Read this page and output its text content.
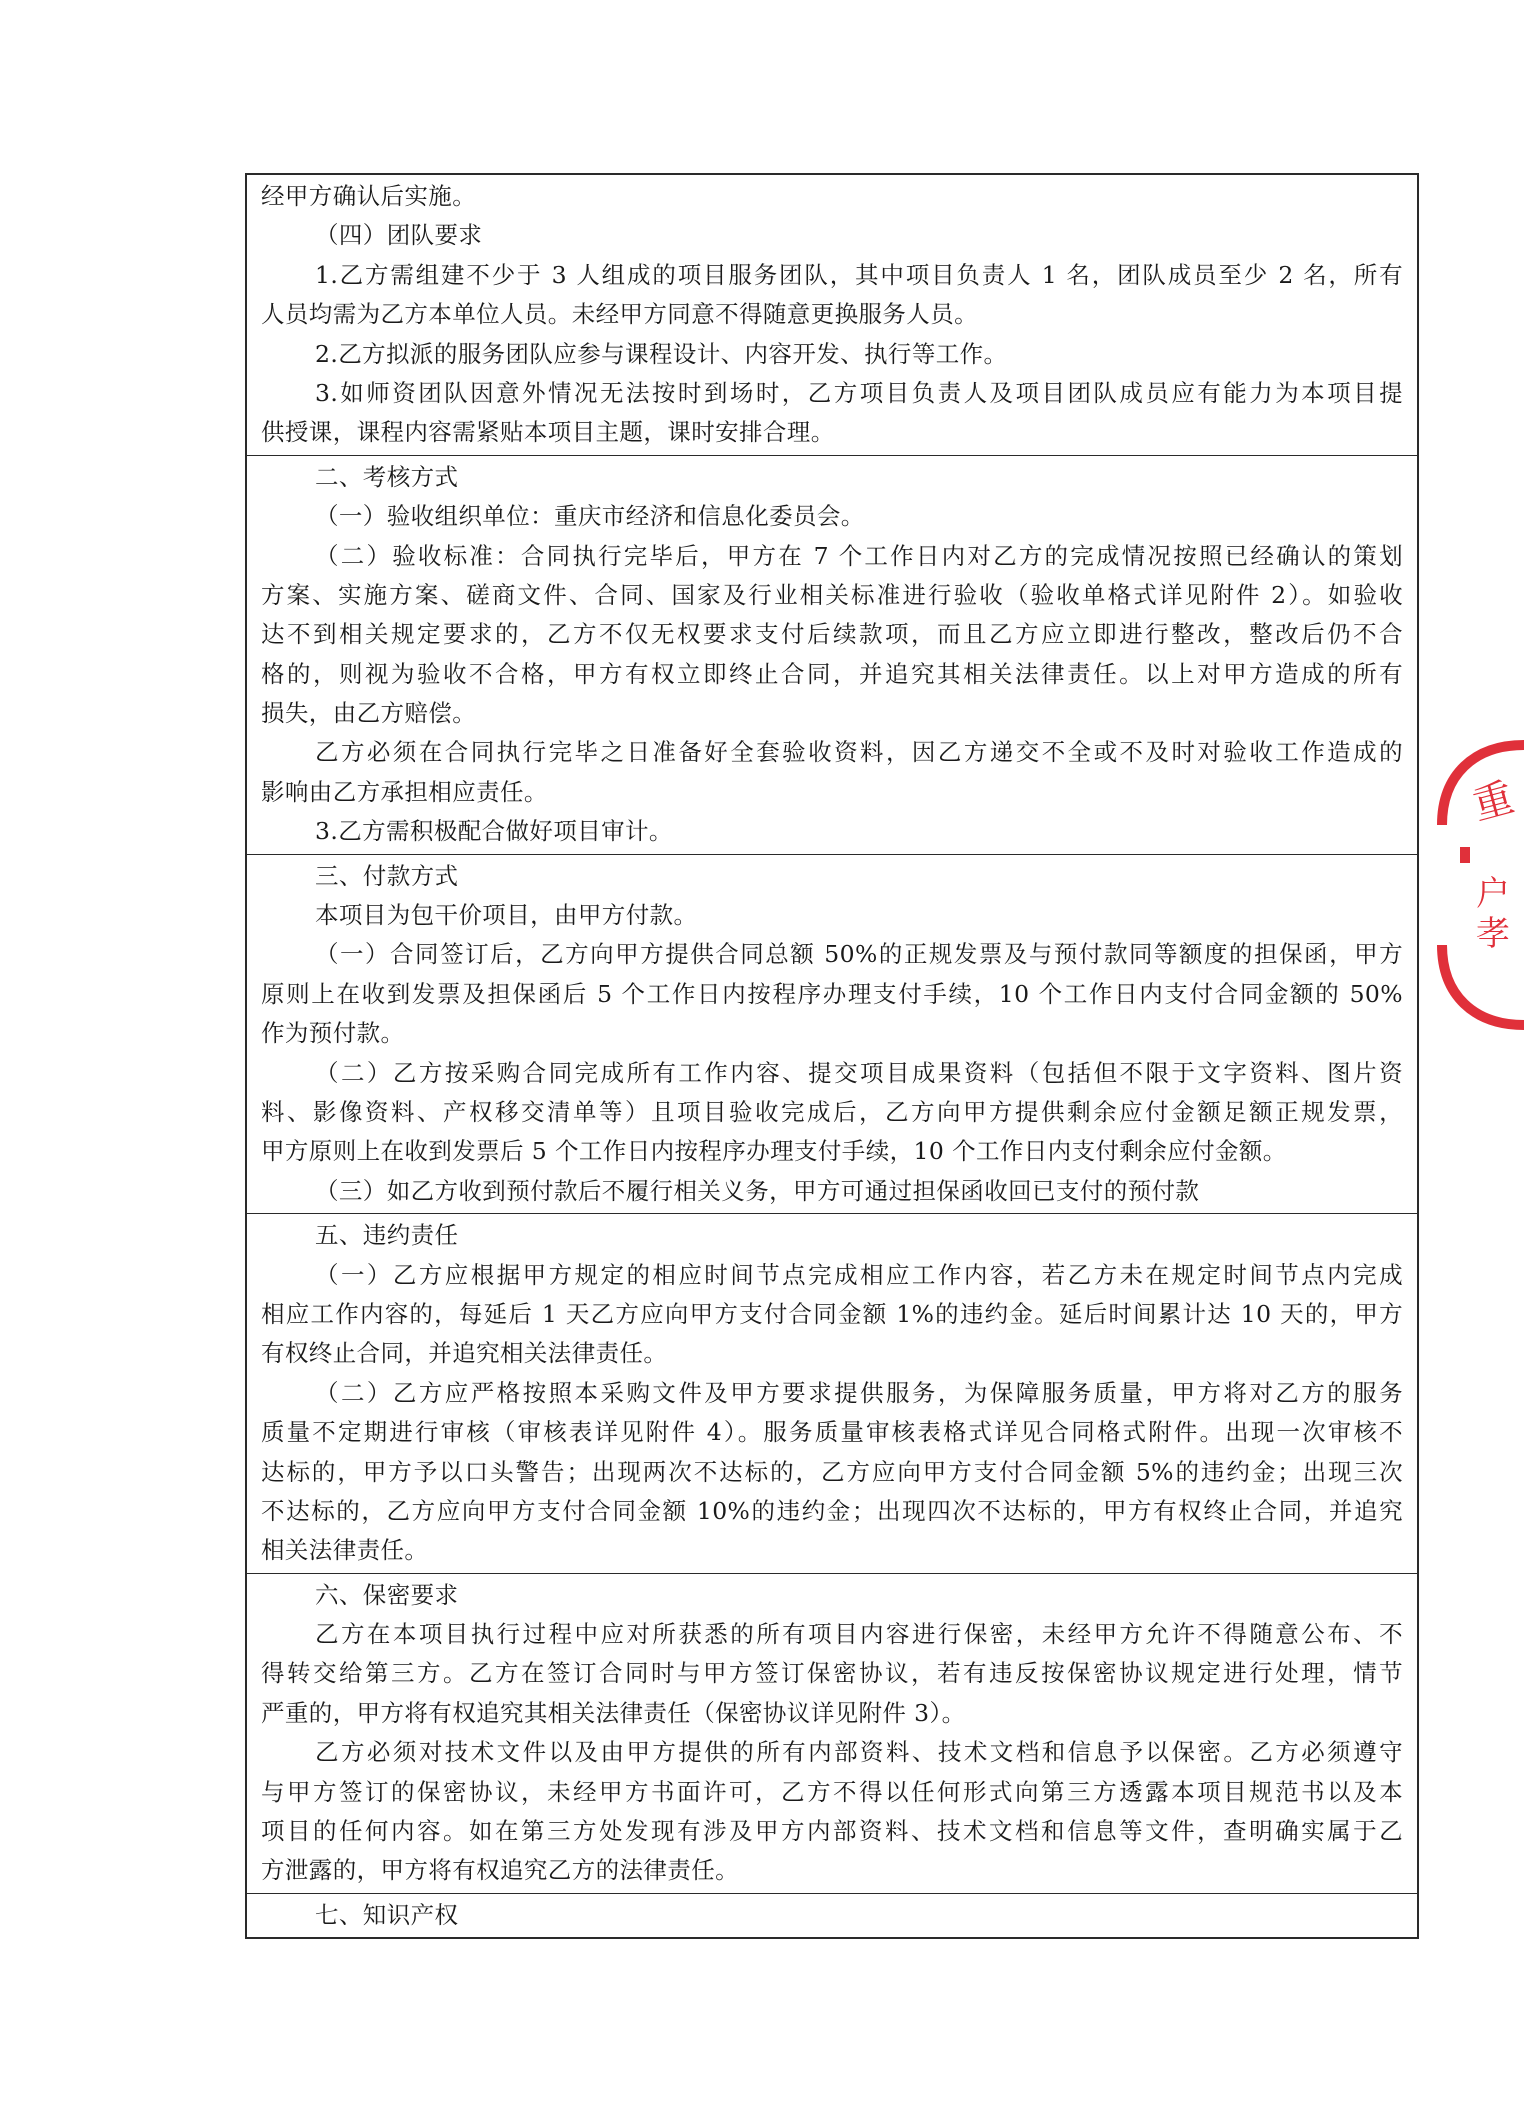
经甲方确认后实施。
（四）团队要求
1.乙方需组建不少于 3 人组成的项目服务团队，其中项目负责人 1 名，团队成员至少 2 名，所有
人员均需为乙方本单位人员。未经甲方同意不得随意更换服务人员。
2.乙方拟派的服务团队应参与课程设计、内容开发、执行等工作。
3.如师资团队因意外情况无法按时到场时，乙方项目负责人及项目团队成员应有能力为本项目提
供授课，课程内容需紧贴本项目主题，课时安排合理。
二、考核方式
（一）验收组织单位：重庆市经济和信息化委员会。
（二）验收标准：合同执行完毕后，甲方在 7 个工作日内对乙方的完成情况按照已经确认的策划
方案、实施方案、磋商文件、合同、国家及行业相关标准进行验收（验收单格式详见附件 2）。如验收
达不到相关规定要求的，乙方不仅无权要求支付后续款项，而且乙方应立即进行整改，整改后仍不合
格的，则视为验收不合格，甲方有权立即终止合同，并追究其相关法律责任。以上对甲方造成的所有
损失，由乙方赔偿。
乙方必须在合同执行完毕之日准备好全套验收资料，因乙方递交不全或不及时对验收工作造成的
影响由乙方承担相应责任。
3.乙方需积极配合做好项目审计。
三、付款方式
本项目为包干价项目，由甲方付款。
（一）合同签订后，乙方向甲方提供合同总额 50%的正规发票及与预付款同等额度的担保函，甲方
原则上在收到发票及担保函后 5 个工作日内按程序办理支付手续，10 个工作日内支付合同金额的 50%
作为预付款。
（二）乙方按采购合同完成所有工作内容、提交项目成果资料（包括但不限于文字资料、图片资
料、影像资料、产权移交清单等）且项目验收完成后，乙方向甲方提供剩余应付金额足额正规发票，
甲方原则上在收到发票后 5 个工作日内按程序办理支付手续，10 个工作日内支付剩余应付金额。
（三）如乙方收到预付款后不履行相关义务，甲方可通过担保函收回已支付的预付款
五、违约责任
（一）乙方应根据甲方规定的相应时间节点完成相应工作内容，若乙方未在规定时间节点内完成
相应工作内容的，每延后 1 天乙方应向甲方支付合同金额 1%的违约金。延后时间累计达 10 天的，甲方
有权终止合同，并追究相关法律责任。
（二）乙方应严格按照本采购文件及甲方要求提供服务，为保障服务质量，甲方将对乙方的服务
质量不定期进行审核（审核表详见附件 4）。服务质量审核表格式详见合同格式附件。出现一次审核不
达标的，甲方予以口头警告；出现两次不达标的，乙方应向甲方支付合同金额 5%的违约金；出现三次
不达标的，乙方应向甲方支付合同金额 10%的违约金；出现四次不达标的，甲方有权终止合同，并追究
相关法律责任。
六、保密要求
乙方在本项目执行过程中应对所获悉的所有项目内容进行保密，未经甲方允许不得随意公布、不
得转交给第三方。乙方在签订合同时与甲方签订保密协议，若有违反按保密协议规定进行处理，情节
严重的，甲方将有权追究其相关法律责任（保密协议详见附件 3）。
乙方必须对技术文件以及由甲方提供的所有内部资料、技术文档和信息予以保密。乙方必须遵守
与甲方签订的保密协议，未经甲方书面许可，乙方不得以任何形式向第三方透露本项目规范书以及本
项目的任何内容。如在第三方处发现有涉及甲方内部资料、技术文档和信息等文件，查明确实属于乙
方泄露的，甲方将有权追究乙方的法律责任。
七、知识产权
重
户
孝
